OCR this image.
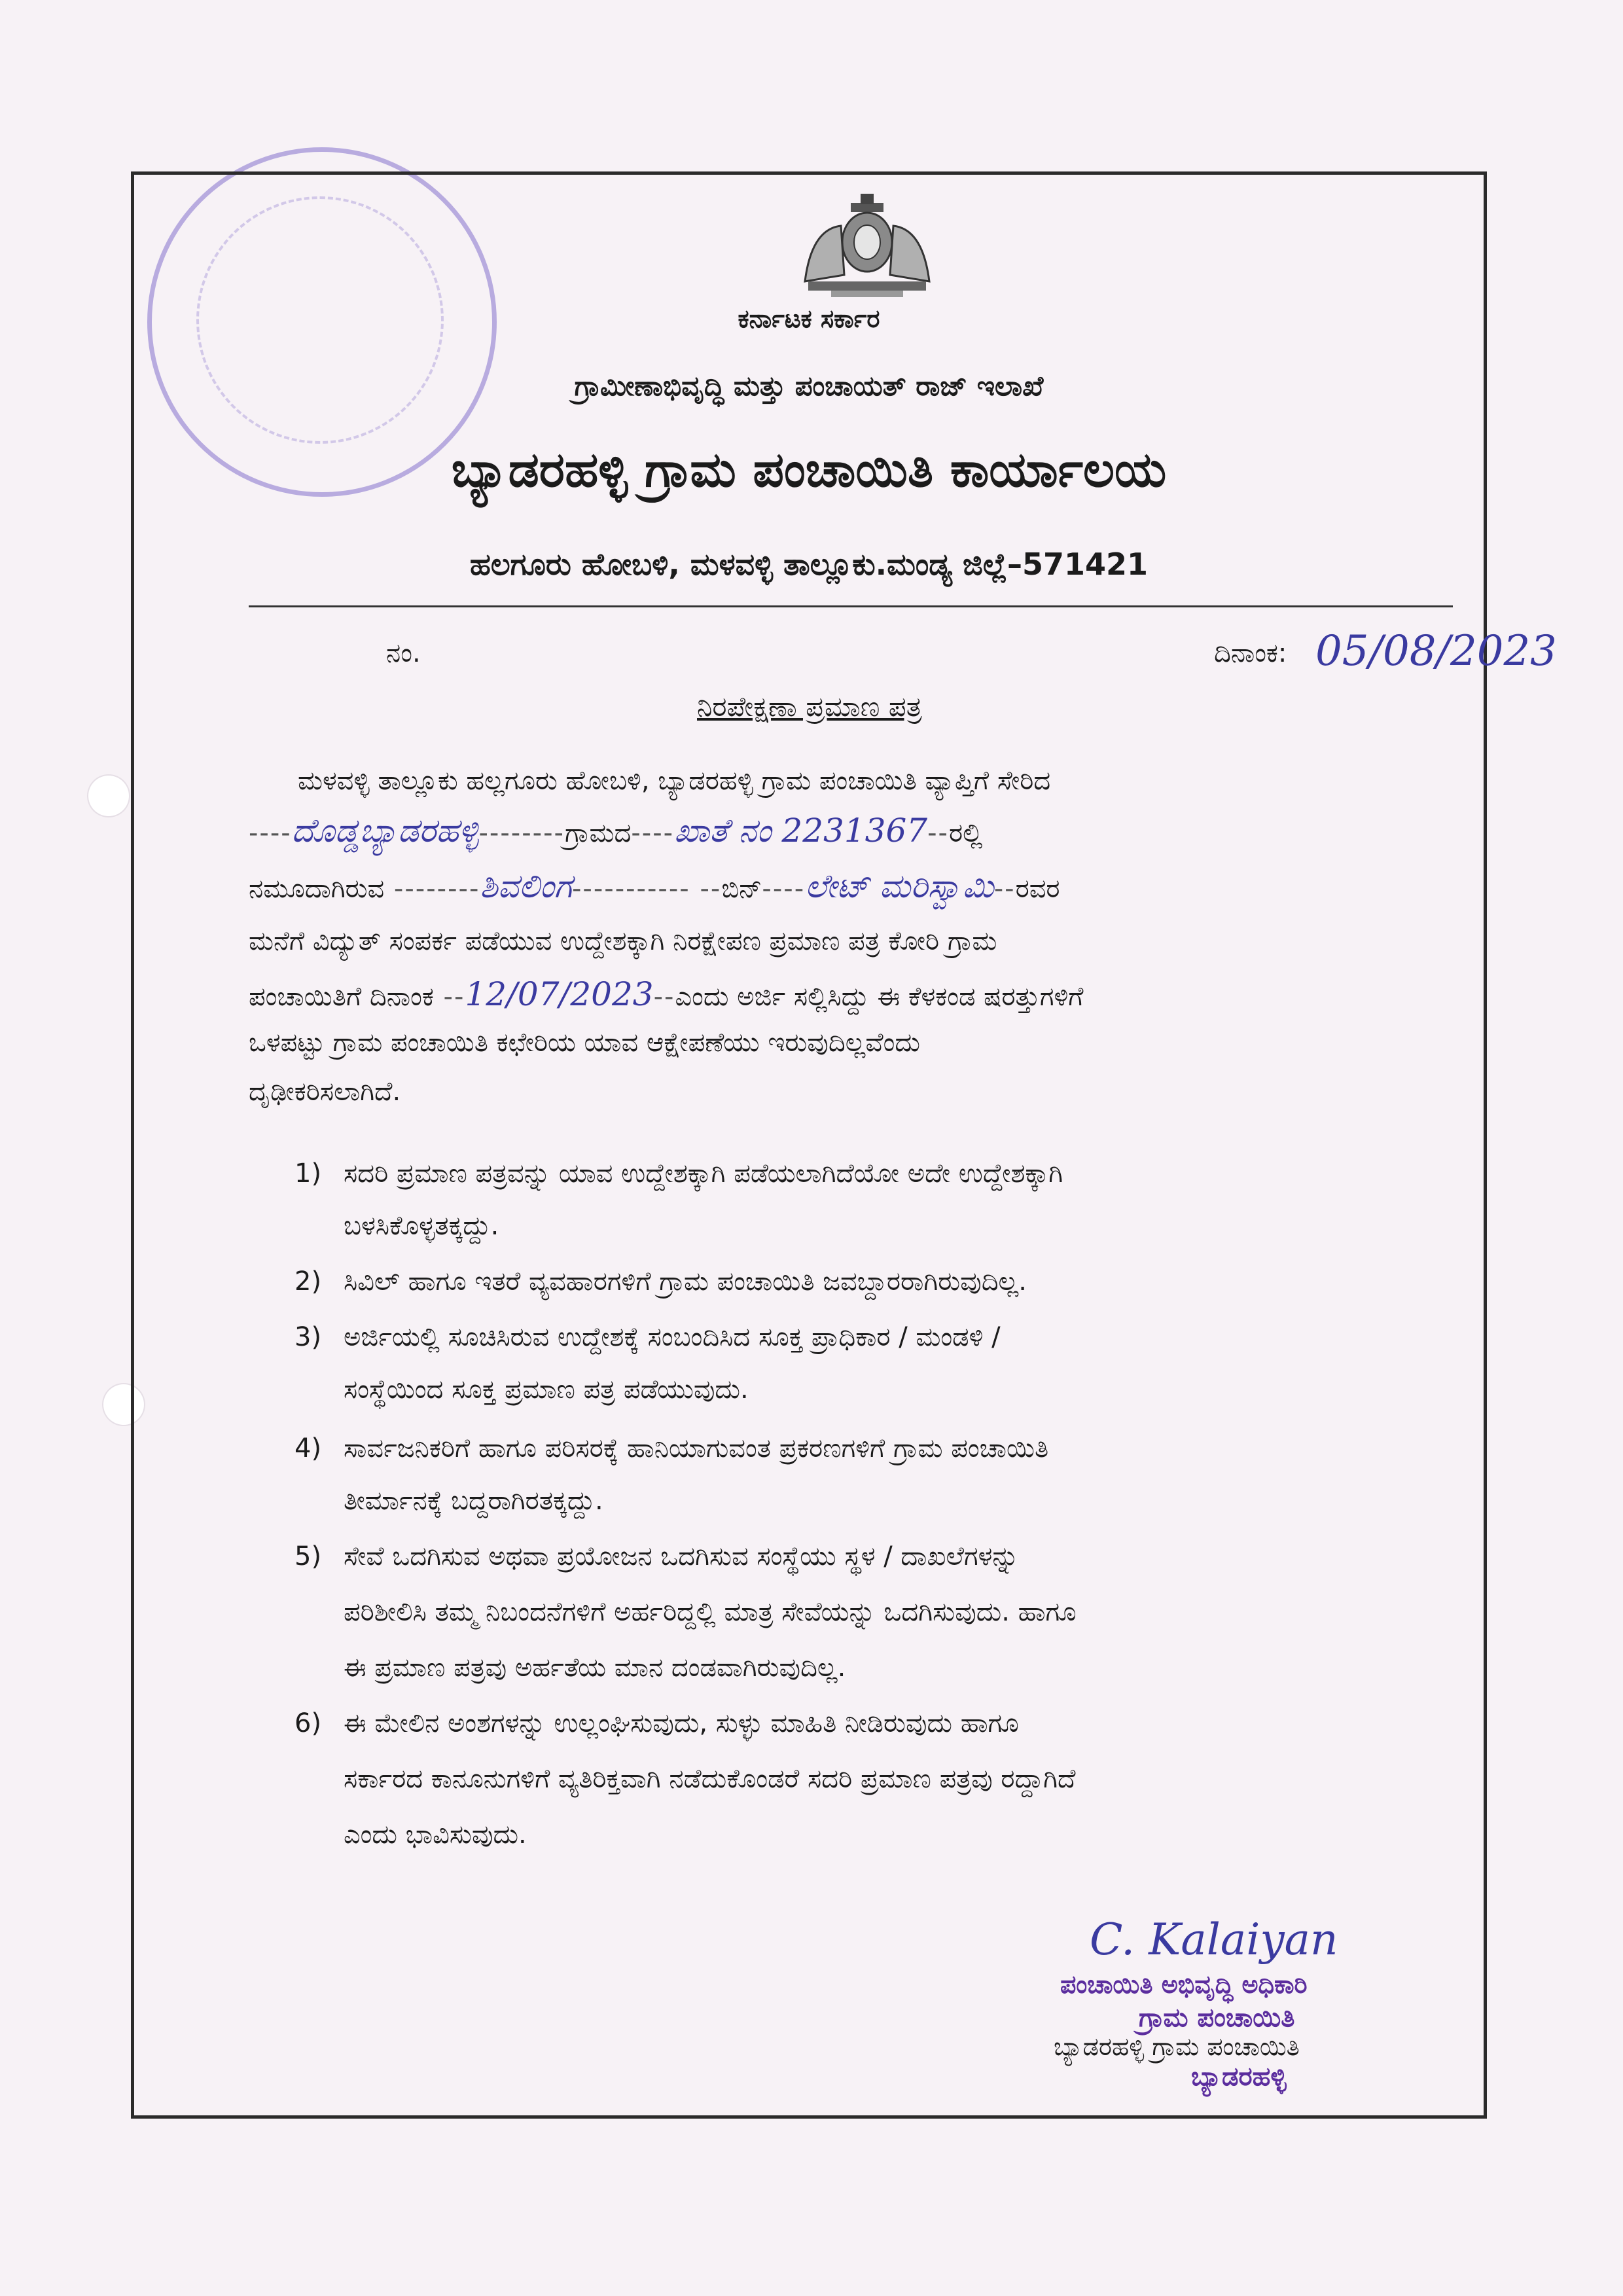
ಕರ್ನಾಟಕ ಸರ್ಕಾರ
ಗ್ರಾಮೀಣಾಭಿವೃದ್ಧಿ ಮತ್ತು ಪಂಚಾಯತ್ ರಾಜ್ ಇಲಾಖೆ
ಬ್ಯಾಡರಹಳ್ಳಿ ಗ್ರಾಮ ಪಂಚಾಯಿತಿ ಕಾರ್ಯಾಲಯ
ಹಲಗೂರು ಹೋಬಳಿ, ಮಳವಳ್ಳಿ ತಾಲ್ಲೂಕು.ಮಂಡ್ಯ ಜಿಲ್ಲೆ–571421
ನಂ.	ದಿನಾಂಕ: 05/08/2023
ನಿರಪೇಕ್ಷಣಾ ಪ್ರಮಾಣ ಪತ್ರ
ಮಳವಳ್ಳಿ ತಾಲ್ಲೂಕು ಹಲ್ಲಗೂರು ಹೋಬಳಿ, ಬ್ಯಾಡರಹಳ್ಳಿ ಗ್ರಾಮ ಪಂಚಾಯಿತಿ ವ್ಯಾಪ್ತಿಗೆ ಸೇರಿದ
----ದೊಡ್ಡಬ್ಯಾಡರಹಳ್ಳಿ--------ಗ್ರಾಮದ----ಖಾತೆ ನಂ 2231367--ರಲ್ಲಿ
ನಮೂದಾಗಿರುವ --------ಶಿವಲಿಂಗ----------- --ಬಿನ್----ಲೇಟ್ ಮರಿಸ್ವಾಮಿ--ರವರ
ಮನೆಗೆ ವಿದ್ಯುತ್ ಸಂಪರ್ಕ ಪಡೆಯುವ ಉದ್ದೇಶಕ್ಕಾಗಿ ನಿರಕ್ಷೇಪಣ ಪ್ರಮಾಣ ಪತ್ರ ಕೋರಿ ಗ್ರಾಮ
ಪಂಚಾಯಿತಿಗೆ ದಿನಾಂಕ --12/07/2023--ಎಂದು ಅರ್ಜಿ ಸಲ್ಲಿಸಿದ್ದು ಈ ಕೆಳಕಂಡ ಷರತ್ತುಗಳಿಗೆ
ಒಳಪಟ್ಟು ಗ್ರಾಮ ಪಂಚಾಯಿತಿ ಕಛೇರಿಯ ಯಾವ ಆಕ್ಷೇಪಣೆಯು ಇರುವುದಿಲ್ಲವೆಂದು
ದೃಢೀಕರಿಸಲಾಗಿದೆ.
1) ಸದರಿ ಪ್ರಮಾಣ ಪತ್ರವನ್ನು ಯಾವ ಉದ್ದೇಶಕ್ಕಾಗಿ ಪಡೆಯಲಾಗಿದೆಯೋ ಅದೇ ಉದ್ದೇಶಕ್ಕಾಗಿ
ಬಳಸಿಕೊಳ್ಳತಕ್ಕದ್ದು.
2) ಸಿವಿಲ್ ಹಾಗೂ ಇತರೆ ವ್ಯವಹಾರಗಳಿಗೆ ಗ್ರಾಮ ಪಂಚಾಯಿತಿ ಜವಬ್ದಾರರಾಗಿರುವುದಿಲ್ಲ.
3) ಅರ್ಜಿಯಲ್ಲಿ ಸೂಚಿಸಿರುವ ಉದ್ದೇಶಕ್ಕೆ ಸಂಬಂದಿಸಿದ ಸೂಕ್ತ ಪ್ರಾಧಿಕಾರ / ಮಂಡಳಿ /
ಸಂಸ್ಥೆಯಿಂದ ಸೂಕ್ತ ಪ್ರಮಾಣ ಪತ್ರ ಪಡೆಯುವುದು.
4) ಸಾರ್ವಜನಿಕರಿಗೆ ಹಾಗೂ ಪರಿಸರಕ್ಕೆ ಹಾನಿಯಾಗುವಂತ ಪ್ರಕರಣಗಳಿಗೆ ಗ್ರಾಮ ಪಂಚಾಯಿತಿ
ತೀರ್ಮಾನಕ್ಕೆ ಬದ್ದರಾಗಿರತಕ್ಕದ್ದು.
5) ಸೇವೆ ಒದಗಿಸುವ ಅಥವಾ ಪ್ರಯೋಜನ ಒದಗಿಸುವ ಸಂಸ್ಥೆಯು ಸ್ಥಳ / ದಾಖಲೆಗಳನ್ನು
ಪರಿಶೀಲಿಸಿ ತಮ್ಮ ನಿಬಂದನೆಗಳಿಗೆ ಅರ್ಹರಿದ್ದಲ್ಲಿ ಮಾತ್ರ ಸೇವೆಯನ್ನು ಒದಗಿಸುವುದು. ಹಾಗೂ
ಈ ಪ್ರಮಾಣ ಪತ್ರವು ಅರ್ಹತೆಯ ಮಾನ ದಂಡವಾಗಿರುವುದಿಲ್ಲ.
6) ಈ ಮೇಲಿನ ಅಂಶಗಳನ್ನು ಉಲ್ಲಂಘಿಸುವುದು, ಸುಳ್ಳು ಮಾಹಿತಿ ನೀಡಿರುವುದು ಹಾಗೂ
ಸರ್ಕಾರದ ಕಾನೂನುಗಳಿಗೆ ವ್ಯತಿರಿಕ್ತವಾಗಿ ನಡೆದುಕೊಂಡರೆ ಸದರಿ ಪ್ರಮಾಣ ಪತ್ರವು ರದ್ದಾಗಿದೆ
ಎಂದು ಭಾವಿಸುವುದು.
C. Kalaiyan
ಪಂಚಾಯಿತಿ ಅಭಿವೃದ್ಧಿ ಅಧಿಕಾರಿ
ಗ್ರಾಮ ಪಂಚಾಯಿತಿ
ಬ್ಯಾಡರಹಳ್ಳಿ ಗ್ರಾಮ ಪಂಚಾಯಿತಿ
ಬ್ಯಾಡರಹಳ್ಳಿ
